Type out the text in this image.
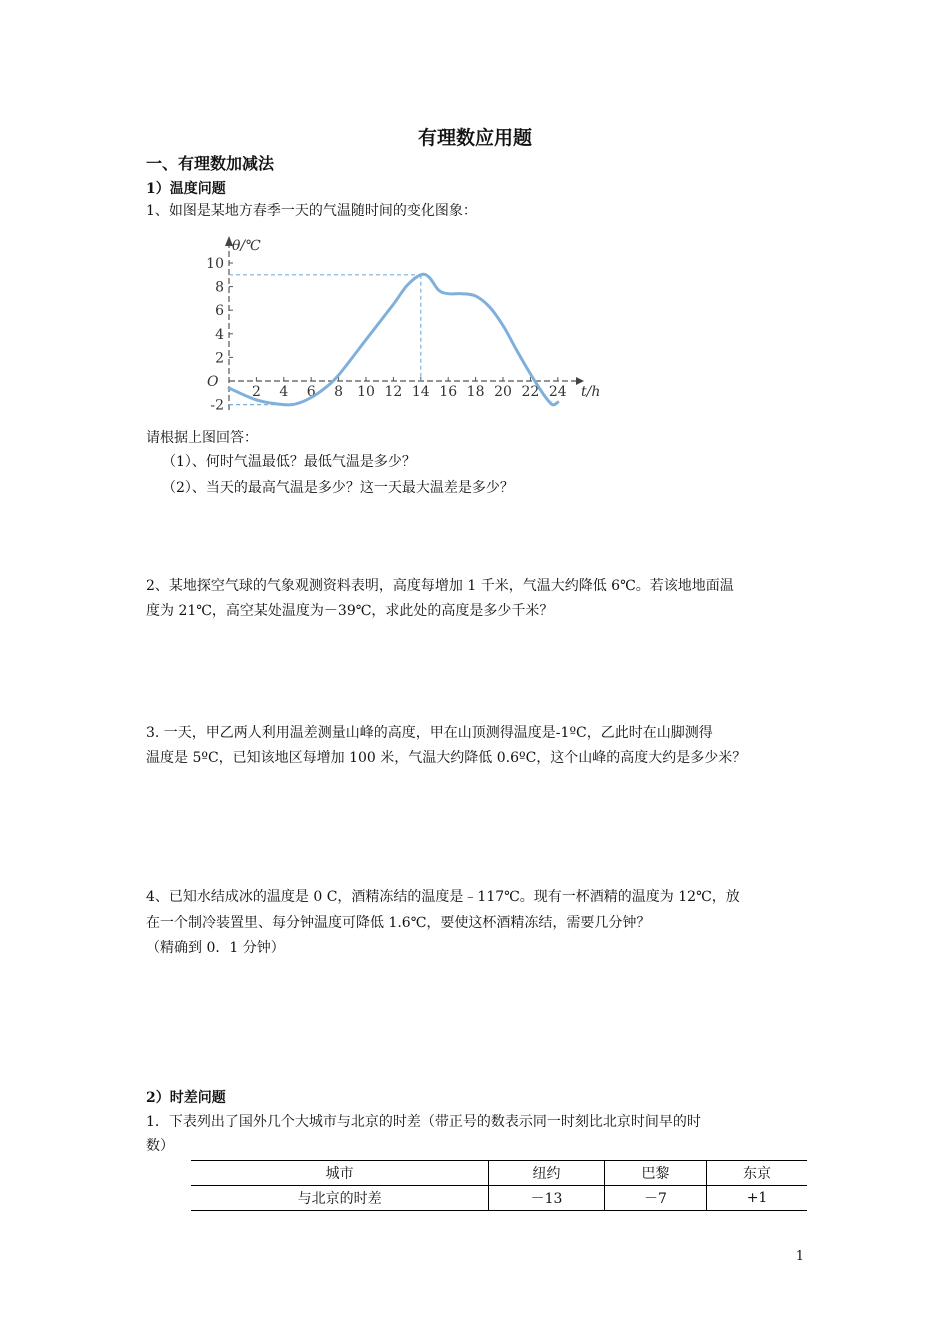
有理数应用题
一、有理数加减法
1）温度问题
1、如图是某地方春季一天的气温随时间的变化图象：
θ/℃
t/h
O
10
8
6
4
2
-2
2 4 6 8 10 12 14 16 18 20 22 24
请根据上图回答：
（1）、何时气温最低？最低气温是多少？
（2）、当天的最高气温是多少？这一天最大温差是多少？
2、某地探空气球的气象观测资料表明，高度每增加 1 千米，气温大约降低 6℃。若该地地面温
度为 21℃，高空某处温度为－39℃，求此处的高度是多少千米？
3. 一天，甲乙两人利用温差测量山峰的高度，甲在山顶测得温度是-1ºC，乙此时在山脚测得
温度是 5ºC，已知该地区每增加 100 米，气温大约降低 0.6ºC，这个山峰的高度大约是多少米？
4、已知水结成冰的温度是 0 C，酒精冻结的温度是﹣117℃。现有一杯酒精的温度为 12℃，放
在一个制冷装置里、每分钟温度可降低 1.6℃，要使这杯酒精冻结，需要几分钟？
（精确到 0．1 分钟）
2）时差问题
1．下表列出了国外几个大城市与北京的时差（带正号的数表示同一时刻比北京时间早的时
数）
城市	纽约	巴黎	东京
与北京的时差	－13	－7	+1
1
